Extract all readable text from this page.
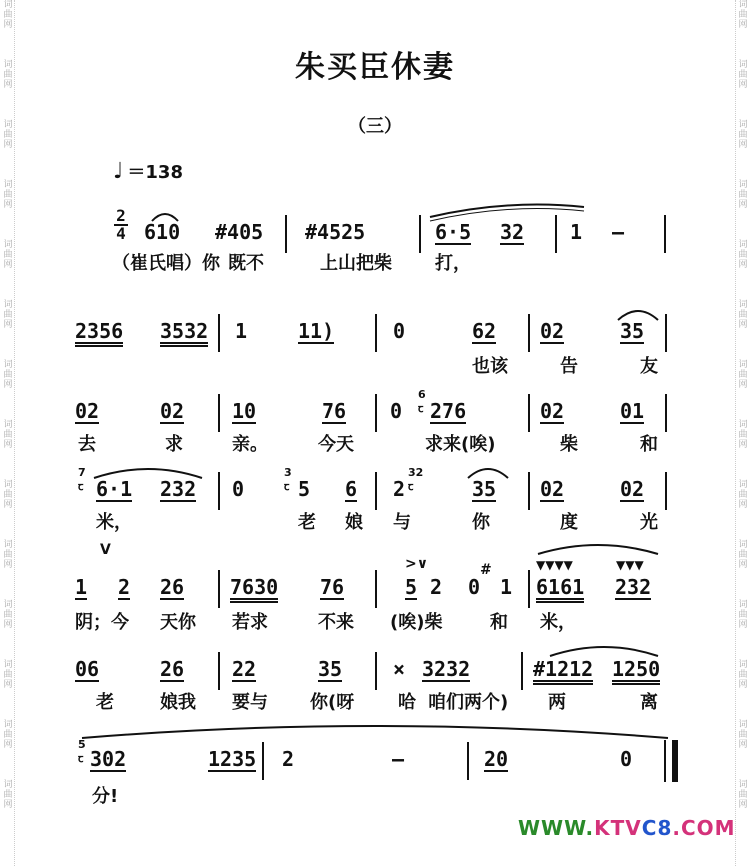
词
曲
网
词
曲
网
词
曲
网
词
曲
网
词
曲
网
词
曲
网
词
曲
网
词
曲
网
词
曲
网
词
曲
网
词
曲
网
词
曲
网
词
曲
网
词
曲
网
词
曲
网
词
曲
网
词
曲
网
词
曲
网
词
曲
网
词
曲
网
词
曲
网
词
曲
网
词
曲
网
词
曲
网
词
曲
网
词
曲
网
词
曲
网
词
曲
网
朱买臣休妻
（三）
♩ ＝138
2
4 610 #405 #4525	6·5 32 1 —
（崔氏唱）你 既不	上山把柴 打，
2356 3532 1	11)	0	62 02	35
也该	告	友
02	02 10	76 0
6
ꞇ 276	02	01
去	求	亲。	今天	求来(唉)	柴	和
7
ꞇ 6·1 232 0
3
ꞇ 5 6 2
32
ꞇ	35 02	02
米，	老 娘 与	你	度	光
V
1 2 26 7630 76
>∨
5 2 0
#
1
▼▼▼▼	▼▼▼
6161 232
阴；今 天你 若求	不来 (唉)柴	和 米，
06	26 22	35	× 3232	#1212 1250
老	娘我 要与 你(呀 哈 咱们两个) 两	离
5
ꞇ 302	1235 2	—	20	0
分!
WWW.KTVC8.COM
